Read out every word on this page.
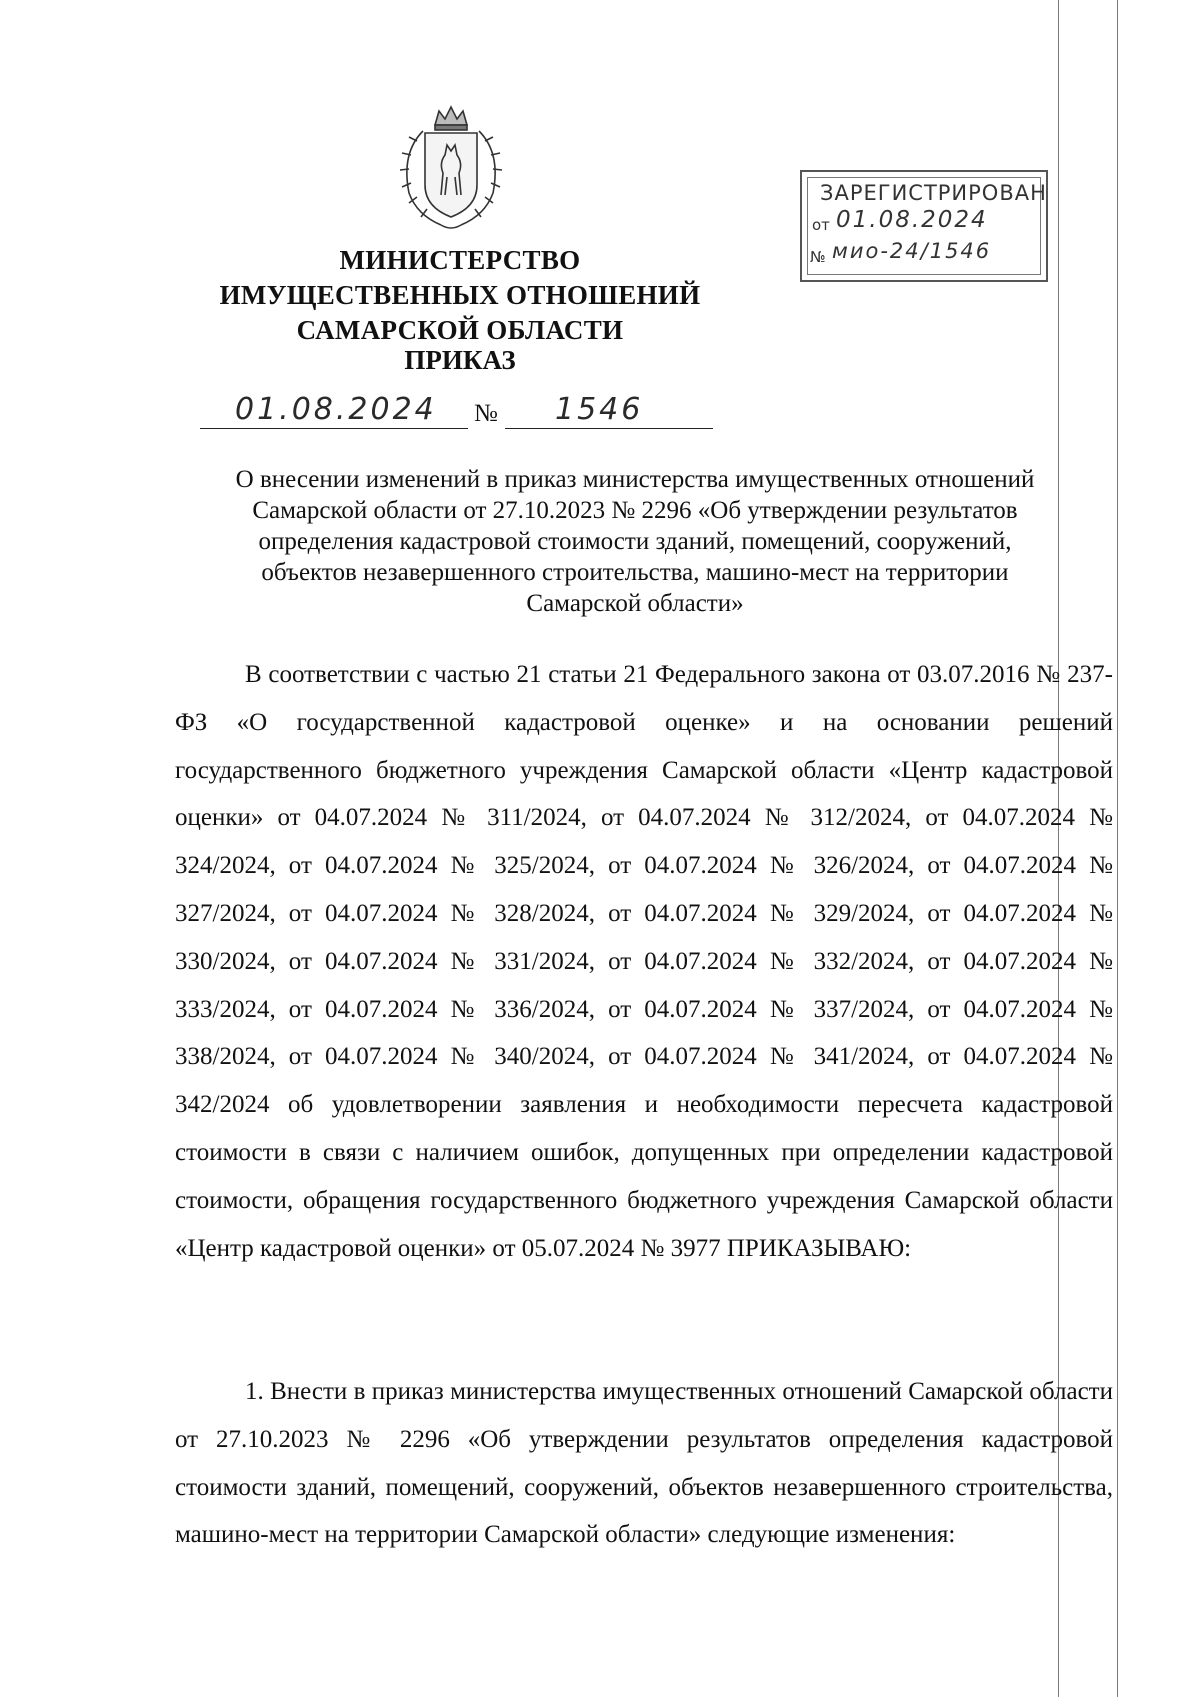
МИНИСТЕРСТВО
ИМУЩЕСТВЕННЫХ ОТНОШЕНИЙ
САМАРСКОЙ ОБЛАСТИ
ПРИКАЗ
01.08.2024 № 1546
ЗАРЕГИСТРИРОВАН
от 01.08.2024
№ мио-24/1546
О внесении изменений в приказ министерства имущественных отношений
Самарской области от 27.10.2023 № 2296 «Об утверждении результатов
определения кадастровой стоимости зданий, помещений, сооружений,
объектов незавершенного строительства, машино-мест на территории
Самарской области»

В соответствии с частью 21 статьи 21 Федерального закона от 03.07.2016 № 237-ФЗ «О государственной кадастровой оценке» и на основании решений государственного бюджетного учреждения Самарской области «Центр кадастровой оценки» от 04.07.2024 № 311/2024, от 04.07.2024 № 312/2024, от 04.07.2024 № 324/2024, от 04.07.2024 № 325/2024, от 04.07.2024 № 326/2024, от 04.07.2024 № 327/2024, от 04.07.2024 № 328/2024, от 04.07.2024 № 329/2024, от 04.07.2024 № 330/2024, от 04.07.2024 № 331/2024, от 04.07.2024 № 332/2024, от 04.07.2024 № 333/2024, от 04.07.2024 № 336/2024, от 04.07.2024 № 337/2024, от 04.07.2024 № 338/2024, от 04.07.2024 № 340/2024, от 04.07.2024 № 341/2024, от 04.07.2024 № 342/2024 об удовлетворении заявления и необходимости пересчета кадастровой стоимости в связи с наличием ошибок, допущенных при определении кадастровой стоимости, обращения государственного бюджетного учреждения Самарской области «Центр кадастровой оценки» от 05.07.2024 № 3977 ПРИКАЗЫВАЮ:

1. Внести в приказ министерства имущественных отношений Самарской области от 27.10.2023 № 2296 «Об утверждении результатов определения кадастровой стоимости зданий, помещений, сооружений, объектов незавершенного строительства, машино-мест на территории Самарской области» следующие изменения:
